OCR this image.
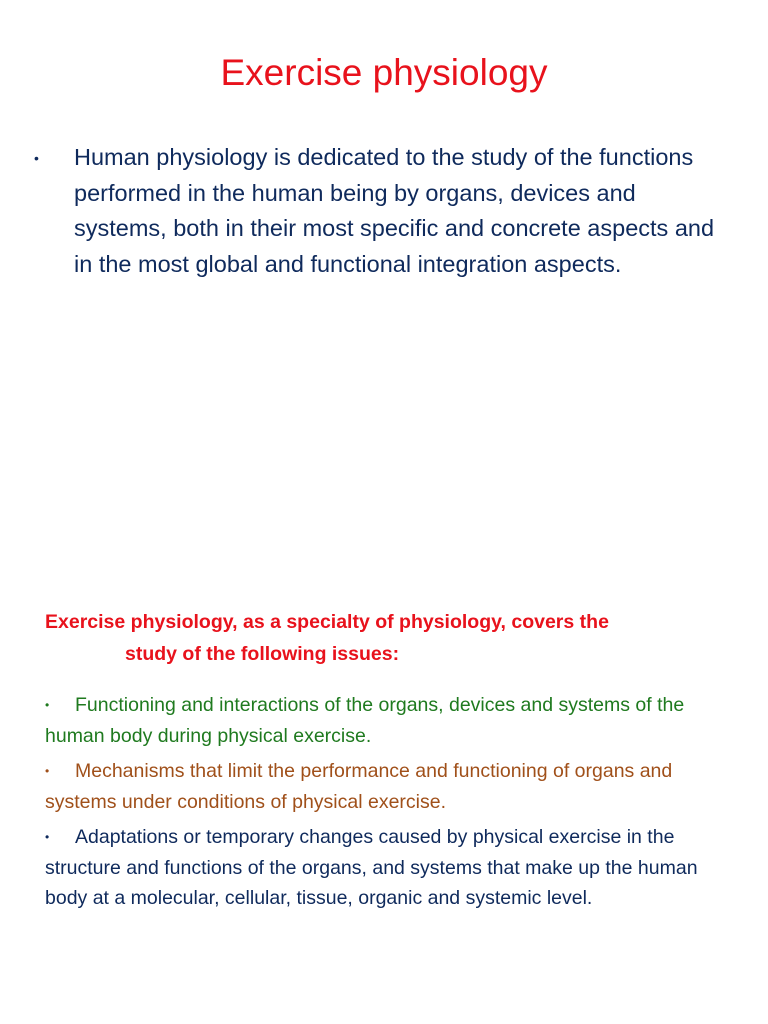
Exercise physiology
•	Human physiology is dedicated to the study of the functions performed in the human being by organs, devices and systems, both in their most specific and concrete aspects and in the most global and functional integration aspects.

Exercise physiology, as a specialty of physiology, covers the
study of the following issues:

• Functioning and interactions of the organs, devices and systems of the human body during physical exercise.
• Mechanisms that limit the performance and functioning of organs and systems under conditions of physical exercise.
• Adaptations or temporary changes caused by physical exercise in the structure and functions of the organs, and systems that make up the human body at a molecular, cellular, tissue, organic and systemic level.
